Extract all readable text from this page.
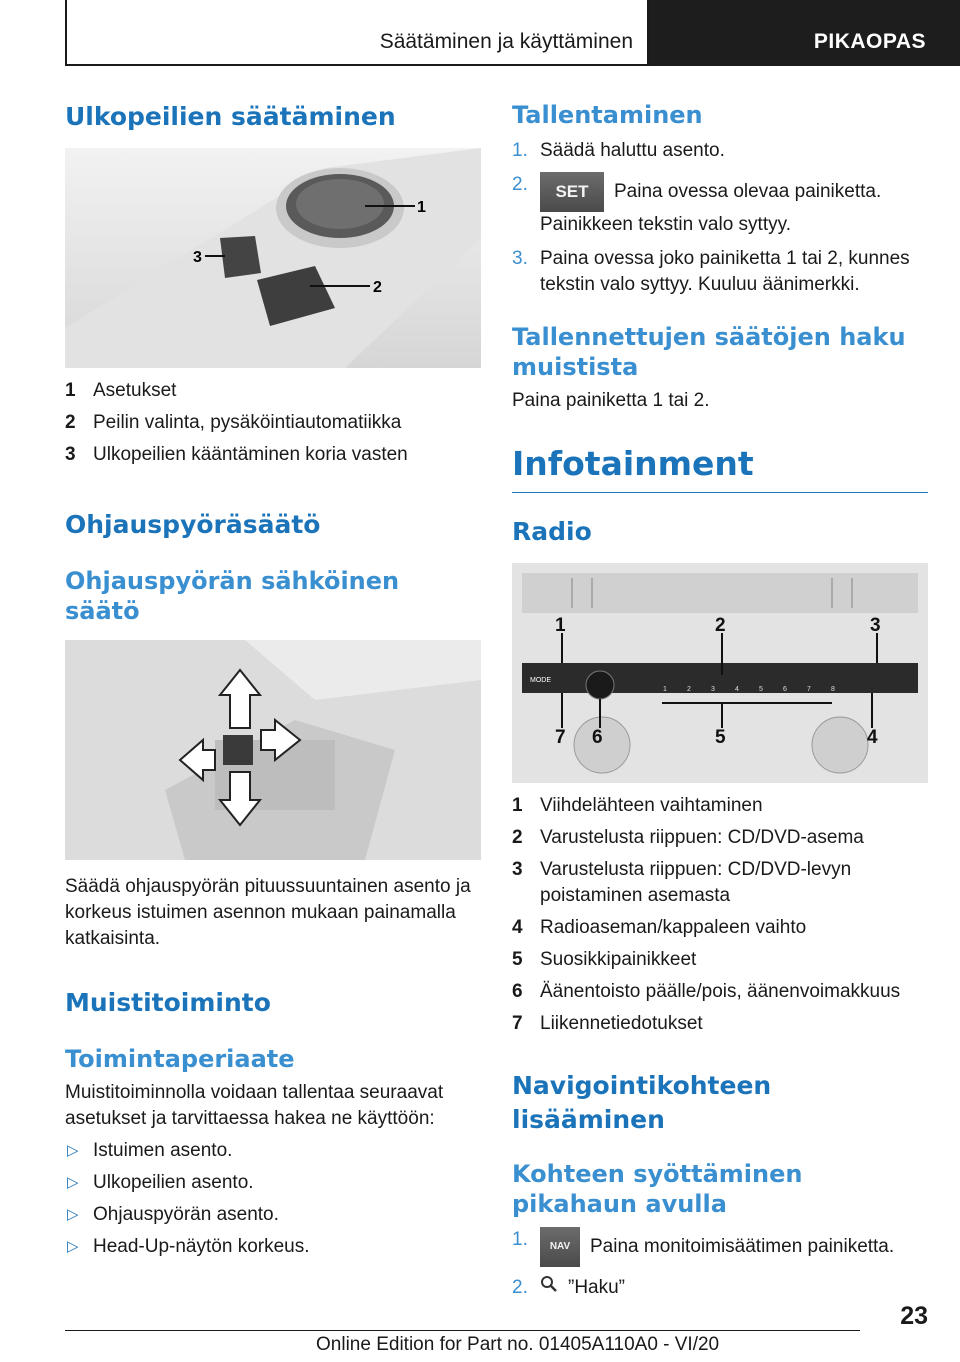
Säätäminen ja käyttäminen	PIKAOPAS
Ulkopeilien säätäminen
1
3
2
1 Asetukset
2 Peilin valinta, pysäköintiautomatiikka
3 Ulkopeilien kääntäminen koria vasten
Ohjauspyöräsäätö
Ohjauspyörän sähköinen säätö

Säädä ohjauspyörän pituussuuntainen asento ja korkeus istuimen asennon mukaan painamalla katkaisinta.

Muistitoiminto
Toimintaperiaate

Muistitoiminnolla voidaan tallentaa seuraavat asetukset ja tarvittaessa hakea ne käyttöön:

▷ Istuimen asento.
▷ Ulkopeilien asento.
▷ Ohjauspyörän asento.
▷ Head-Up-näytön korkeus.
Tallentaminen
1. Säädä haluttu asento.
2.	SET Paina ovessa olevaa painiketta. Painikkeen tekstin valo syttyy.
3. Paina ovessa joko painiketta 1 tai 2, kunnes tekstin valo syttyy. Kuuluu äänimerkki.
Tallennettujen säätöjen haku muistista

Paina painiketta 1 tai 2.

Infotainment
Radio
MODE
1	2	3	4	5	6	7	8
1	2	3
4
5
6
7
1 Viihdelähteen vaihtaminen
2 Varustelusta riippuen: CD/DVD-asema
3 Varustelusta riippuen: CD/DVD-levyn poistaminen asemasta
4 Radioaseman/kappaleen vaihto
5 Suosikkipainikkeet
6 Äänentoisto päälle/pois, äänenvoimakkuus
7 Liikennetiedotukset
Navigointikohteen lisääminen
Kohteen syöttäminen pikahaun avulla
1.	NAV Paina monitoimisäätimen painiketta.
2.	”Haku”
23
Online Edition for Part no. 01405A110A0 - VI/20
